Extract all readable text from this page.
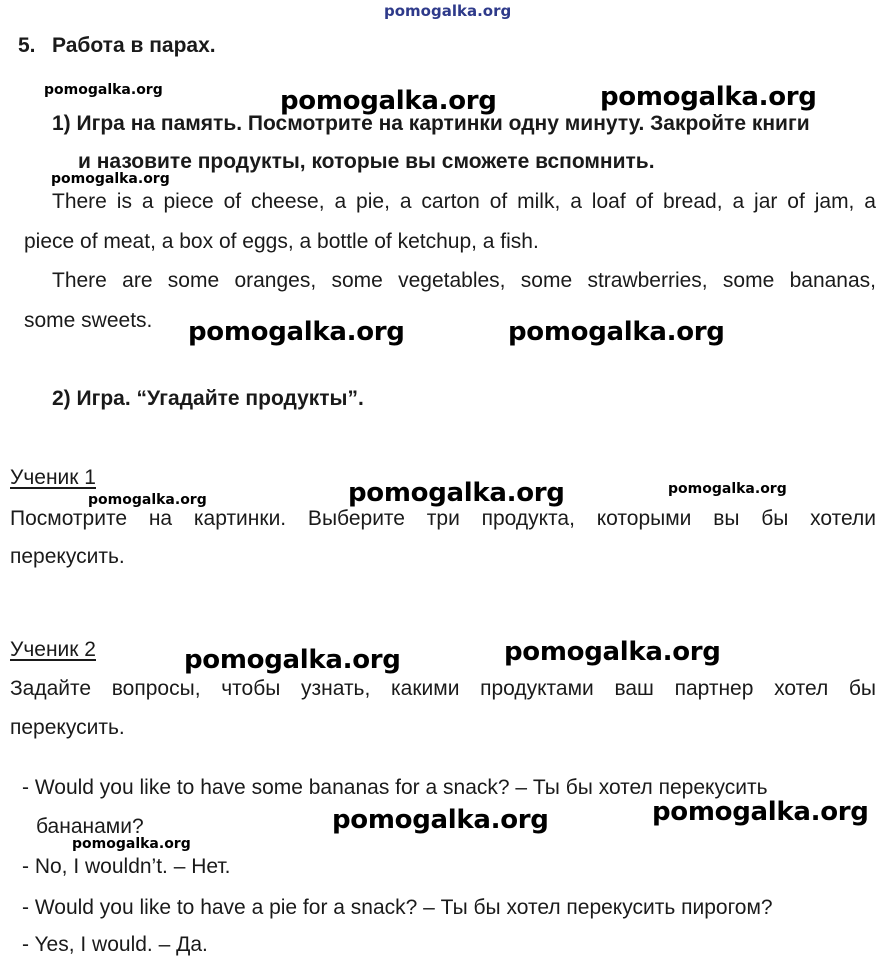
pomogalka.org
5. Работа в парах.
pomogalka.org	pomogalka.org	pomogalka.org
1) Игра на память. Посмотрите на картинки одну минуту. Закройте книги
и назовите продукты, которые вы сможете вспомнить.
pomogalka.org
There is a piece of cheese, a pie, a carton of milk, a loaf of bread, a jar of jam, a
piece of meat, a box of eggs, a bottle of ketchup, a fish.
There are some oranges, some vegetables, some strawberries, some bananas,
some sweets. pomogalka.org	pomogalka.org
2) Игра. “Угадайте продукты”.
Ученик 1
pomogalka.org	pomogalka.org	pomogalka.org
Посмотрите на картинки. Выберите три продукта, которыми вы бы хотели
перекусить.
Ученик 2	pomogalka.org	pomogalka.org
Задайте вопросы, чтобы узнать, какими продуктами ваш партнер хотел бы
перекусить.
- Would you like to have some bananas for a snack? – Ты бы хотел перекусить
бананами?	pomogalka.org	pomogalka.org
pomogalka.org
- No, I wouldn’t. – Нет.
- Would you like to have a pie for a snack? – Ты бы хотел перекусить пирогом?
- Yes, I would. – Да.
